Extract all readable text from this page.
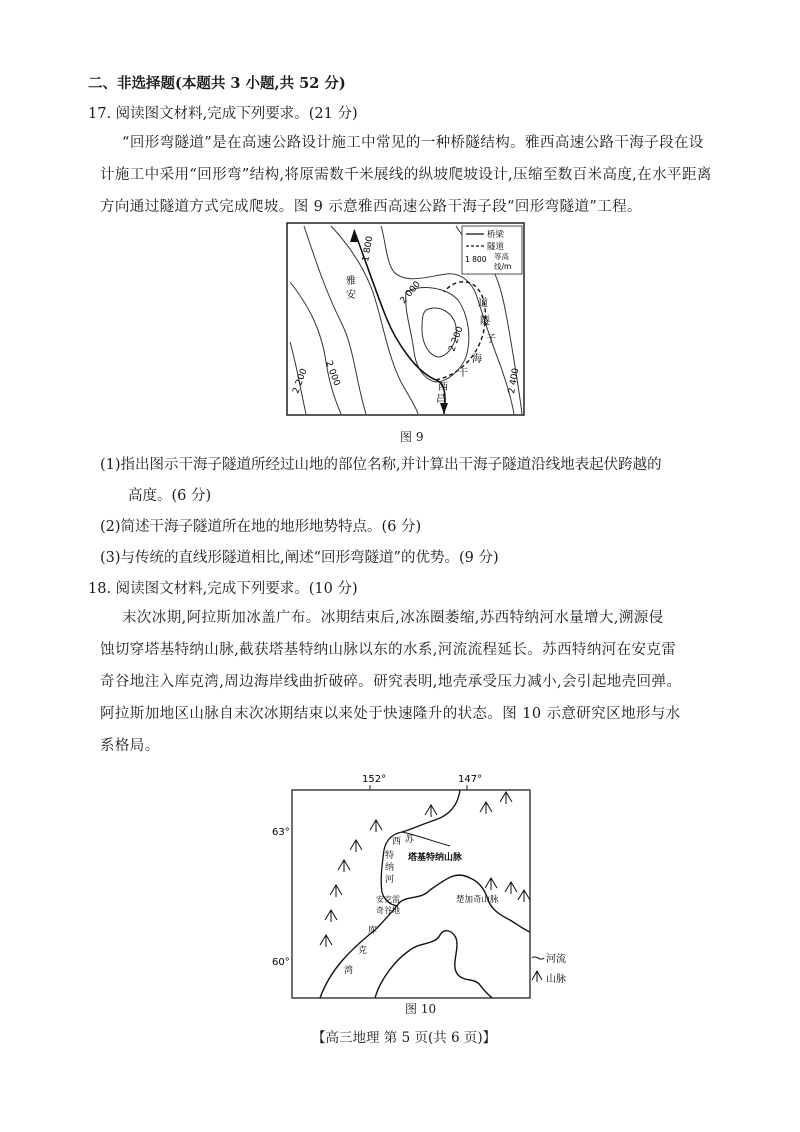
二、非选择题(本题共 3 小题,共 52 分)
17. 阅读图文材料,完成下列要求。(21 分)
“回形弯隧道”是在高速公路设计施工中常见的一种桥隧结构。雅西高速公路干海子段在设
计施工中采用“回形弯”结构,将原需数千米展线的纵坡爬坡设计,压缩至数百米高度,在水平距离
方向通过隧道方式完成爬坡。图 9 示意雅西高速公路干海子段“回形弯隧道”工程。
桥梁
隧道
1 800 等高
线/m
1 800
2 000
2 000
2 200
2 200
2 400
雅
安
西
昌
道
隧
子
海
干
图 9
(1)指出图示干海子隧道所经过山地的部位名称,并计算出干海子隧道沿线地表起伏跨越的
高度。(6 分)
(2)简述干海子隧道所在地的地形地势特点。(6 分)
(3)与传统的直线形隧道相比,阐述“回形弯隧道”的优势。(9 分)
18. 阅读图文材料,完成下列要求。(10 分)
末次冰期,阿拉斯加冰盖广布。冰期结束后,冰冻圈萎缩,苏西特纳河水量增大,溯源侵
蚀切穿塔基特纳山脉,截获塔基特纳山脉以东的水系,河流流程延长。苏西特纳河在安克雷
奇谷地注入库克湾,周边海岸线曲折破碎。研究表明,地壳承受压力减小,会引起地壳回弹。
阿拉斯加地区山脉自末次冰期结束以来处于快速隆升的状态。图 10 示意研究区地形与水
系格局。
152°	147°
63°
60°
苏
西
特
纳
河
塔基特纳山脉
安克雷
奇谷地
楚加奇山脉
库
克
湾
河流
山脉
图 10
【高三地理 第 5 页(共 6 页)】
